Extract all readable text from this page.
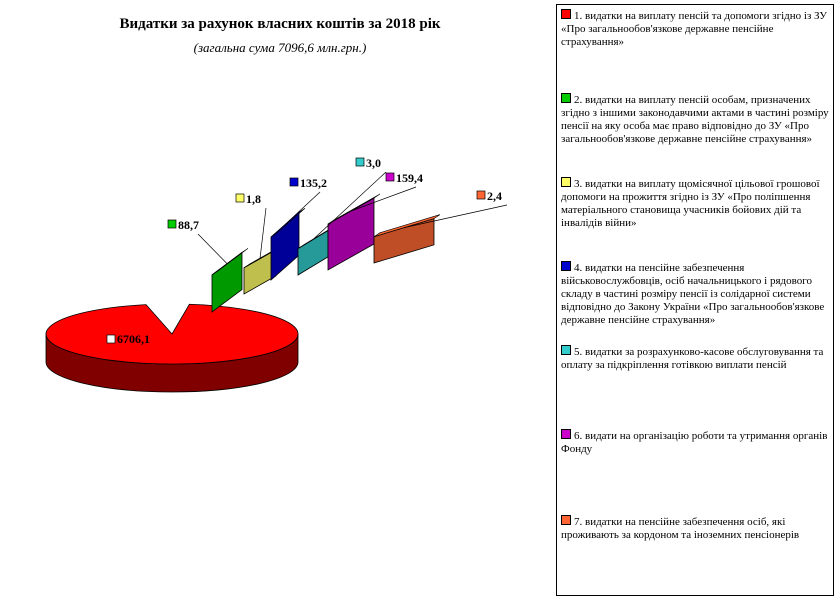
Видатки за рахунок власних коштів за 2018 рік
(загальна сума 7096,6 млн.грн.)
88,7
1,8
135,2
3,0
159,4
2,4
6706,1
1. видатки на виплату пенсій та допомоги згідно із ЗУ «Про загальнообов'язкове державне пенсійне страхування»
2. видатки на виплату пенсій особам, призначених згідно з іншими законодавчими актами в частині розміру пенсії на яку особа має право відповідно до ЗУ «Про загальнообов'язкове державне пенсійне страхування»
3. видатки на виплату щомісячної цільової грошової допомоги на прожиття згідно із ЗУ «Про поліпшення матеріального становища учасників бойових дій та інвалідів війни»
4. видатки на пенсійне забезпечення військовослужбовців, осіб начальницького і рядового складу в частині розміру пенсії із солідарної системи відповідно до Закону України «Про загальнообов'язкове державне пенсійне страхування»
5. видатки за розрахунково-касове обслуговування та оплату за підкріплення готівкою виплати пенсій
6. видати на організацію роботи та утримання органів Фонду
7. видатки на пенсійне забезпечення осіб, які проживають за кордоном та іноземних пенсіонерів
